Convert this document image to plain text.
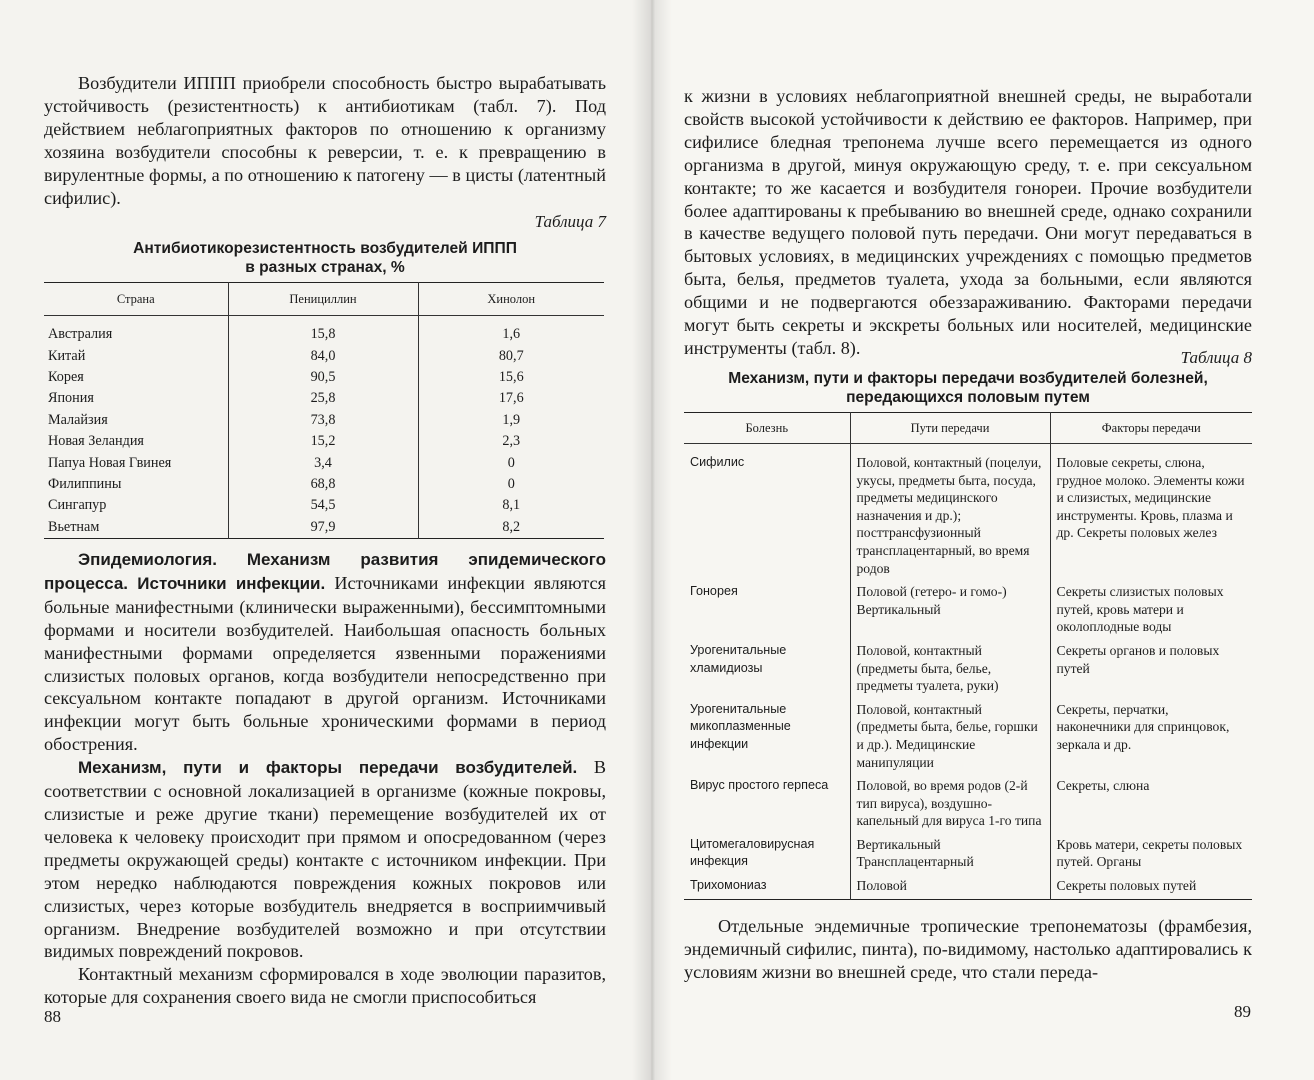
Возбудители ИППП приобрели способность быстро вырабатывать устойчивость (резистентность) к антибиотикам (табл. 7). Под действием неблагоприятных факторов по отношению к организму хозяина возбудители способны к реверсии, т. е. к превращению в вирулентные формы, а по отношению к патогену — в цисты (латентный сифилис).

Таблица 7
Антибиотикорезистентность возбудителей ИППП
в разных странах, %
Страна	Пенициллин	Хинолон
Австралия	15,8	1,6
Китай	84,0	80,7
Корея	90,5	15,6
Япония	25,8	17,6
Малайзия	73,8	1,9
Новая Зеландия	15,2	2,3
Папуа Новая Гвинея	3,4	0
Филиппины	68,8	0
Сингапур	54,5	8,1
Вьетнам	97,9	8,2

Эпидемиология. Механизм развития эпидемического процесса. Источники инфекции. Источниками инфекции являются больные манифестными (клинически выраженными), бессимптомными формами и носители возбудителей. Наибольшая опасность больных манифестными формами определяется язвенными поражениями слизистых половых органов, когда возбудители непосредственно при сексуальном контакте попадают в другой организм. Источниками инфекции могут быть больные хроническими формами в период обострения.

Механизм, пути и факторы передачи возбудителей. В соответствии с основной локализацией в организме (кожные покровы, слизистые и реже другие ткани) перемещение возбудителей их от человека к человеку происходит при прямом и опосредованном (через предметы окружающей среды) контакте с источником инфекции. При этом нередко наблюдаются повреждения кожных покровов или слизистых, через которые возбудитель внедряется в восприимчивый организм. Внедрение возбудителей возможно и при отсутствии видимых повреждений покровов.

Контактный механизм сформировался в ходе эволюции паразитов, которые для сохранения своего вида не смогли приспособиться

88

к жизни в условиях неблагоприятной внешней среды, не выработали свойств высокой устойчивости к действию ее факторов. Например, при сифилисе бледная трепонема лучше всего перемещается из одного организма в другой, минуя окружающую среду, т. е. при сексуальном контакте; то же касается и возбудителя гонореи. Прочие возбудители более адаптированы к пребыванию во внешней среде, однако сохранили в качестве ведущего половой путь передачи. Они могут передаваться в бытовых условиях, в медицинских учреждениях с помощью предметов быта, белья, предметов туалета, ухода за больными, если являются общими и не подвергаются обеззараживанию. Факторами передачи могут быть секреты и экскреты больных или носителей, медицинские инструменты (табл. 8).	Таблица 8
Механизм, пути и факторы передачи возбудителей болезней,
передающихся половым путем
Болезнь	Пути передачи	Факторы передачи
Сифилис	Половой, контактный (поцелуи, укусы, предметы быта, посуда, предметы медицинского назначения и др.); посттрансфузионный трансплацентарный, во время родов	Половые секреты, слюна, грудное молоко. Элементы кожи и слизистых, медицинские инструменты. Кровь, плазма и др. Секреты половых желез
Гонорея	Половой (гетеро- и гомо-) Вертикальный	Секреты слизистых половых путей, кровь матери и околоплодные воды
Урогенитальные хламидиозы	Половой, контактный (предметы быта, белье, предметы туалета, руки)	Секреты органов и половых путей
Урогенитальные микоплазменные инфекции	Половой, контактный (предметы быта, белье, горшки и др.). Медицинские манипуляции	Секреты, перчатки, наконечники для спринцовок, зеркала и др.
Вирус простого герпеса	Половой, во время родов (2-й тип вируса), воздушно-капельный для вируса 1-го типа	Секреты, слюна
Цитомегаловирусная инфекция	Вертикальный Трансплацентарный	Кровь матери, секреты половых путей. Органы
Трихомониаз	Половой	Секреты половых путей

Отдельные эндемичные тропические трепонематозы (фрамбезия, эндемичный сифилис, пинта), по-видимому, настолько адаптировались к условиям жизни во внешней среде, что стали переда-

89
